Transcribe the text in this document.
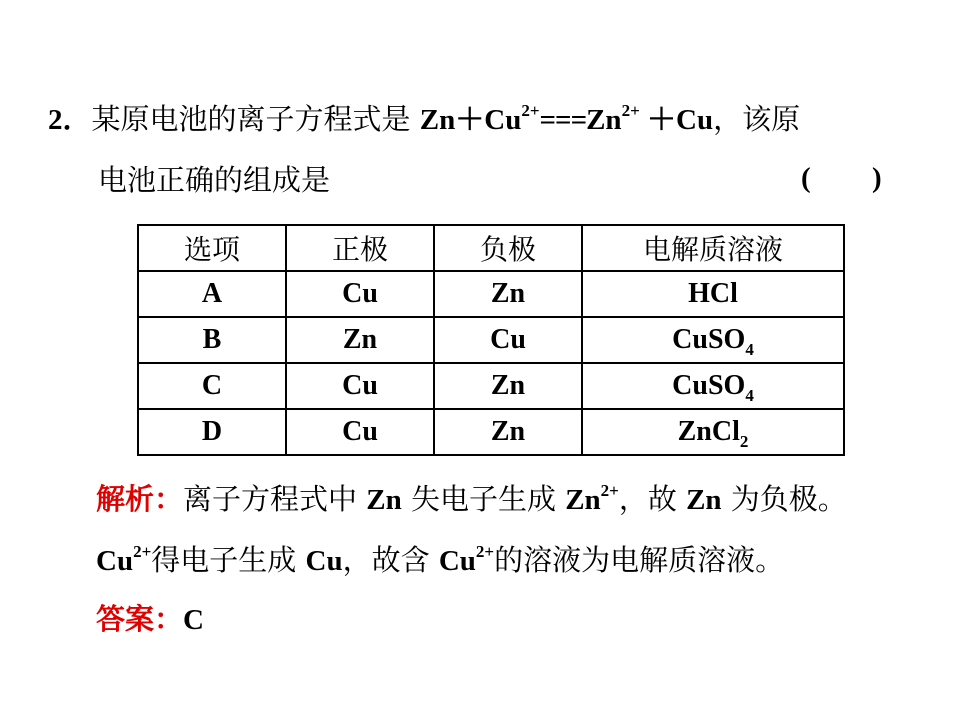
2．某原电池的离子方程式是 $Zn+Cu^{2+}===Zn^{2+} +Cu$，该原
电池正确的组成是	( )
选项	正极	负极	电解质溶液
A	Cu	Zn	HCl
B	Zn	Cu	CuSO$_4$
C	Cu	Zn	CuSO$_4$
D	Cu	Zn	ZnCl$_2$
解析：离子方程式中 Zn 失电子生成 $Zn^{2+}$，故 Zn 为负极。
$Cu^{2+}$得电子生成 Cu，故含 $Cu^{2+}$的溶液为电解质溶液。
答案：C
